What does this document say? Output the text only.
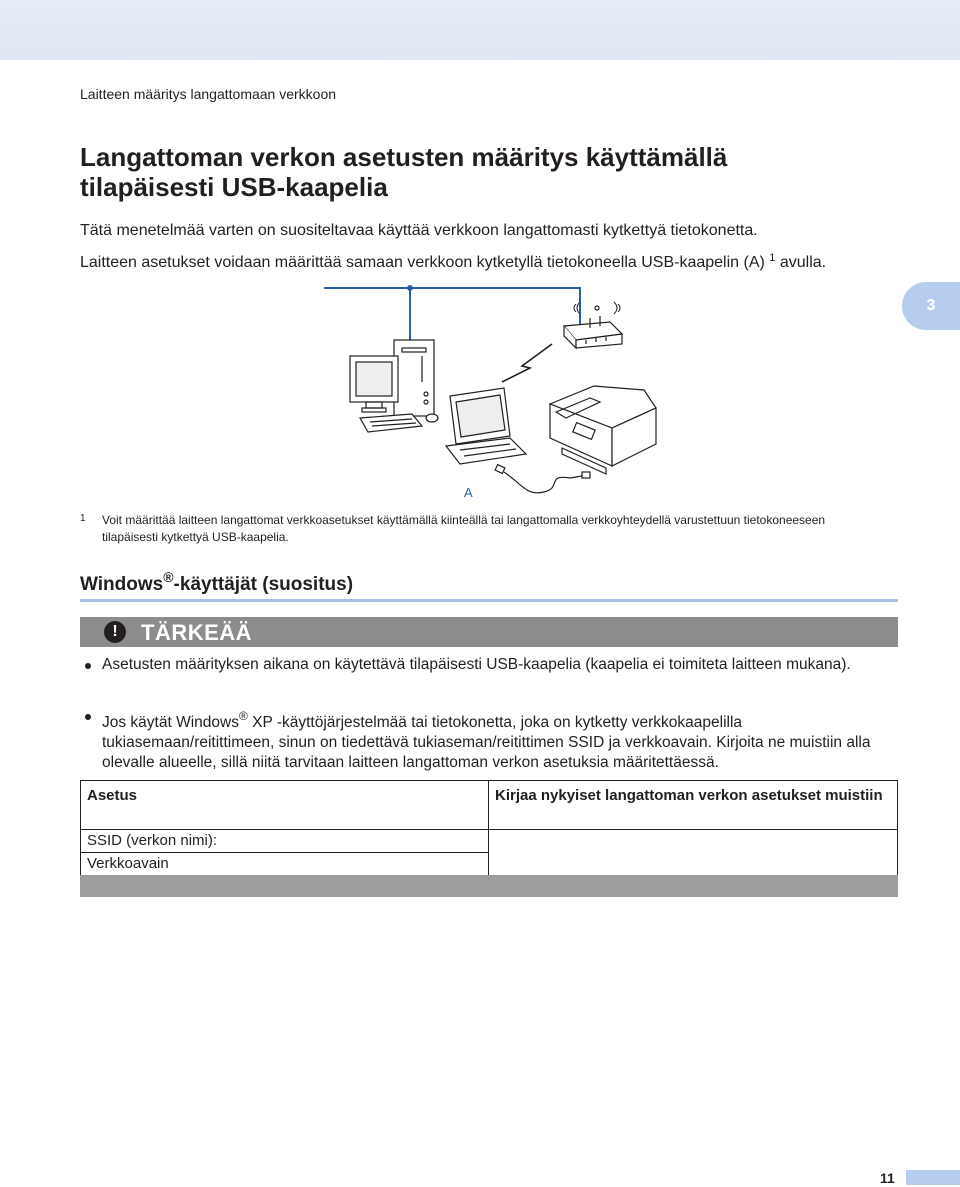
Laitteen määritys langattomaan verkkoon
Langattoman verkon asetusten määritys käyttämällä tilapäisesti USB-kaapelia
Tätä menetelmää varten on suositeltavaa käyttää verkkoon langattomasti kytkettyä tietokonetta.
Laitteen asetukset voidaan määrittää samaan verkkoon kytketyllä tietokoneella USB-kaapelin (A) $^1$ avulla.
3
A
1 Voit määrittää laitteen langattomat verkkoasetukset käyttämällä kiinteällä tai langattomalla verkkoyhteydellä varustettuun tietokoneeseen tilapäisesti kytkettyä USB-kaapelia.
Windows®-käyttäjät (suositus)
!	TÄRKEÄÄ
Asetusten määrityksen aikana on käytettävä tilapäisesti USB-kaapelia (kaapelia ei toimiteta laitteen mukana).
Jos käytät Windows® XP -käyttöjärjestelmää tai tietokonetta, joka on kytketty verkkokaapelilla tukiasemaan/reitittimeen, sinun on tiedettävä tukiaseman/reitittimen SSID ja verkkoavain. Kirjoita ne muistiin alla olevalle alueelle, sillä niitä tarvitaan laitteen langattoman verkon asetuksia määritettäessä.
Asetus	Kirjaa nykyiset langattoman verkon asetukset muistiin
SSID (verkon nimi):	
Verkkoavain	
11
